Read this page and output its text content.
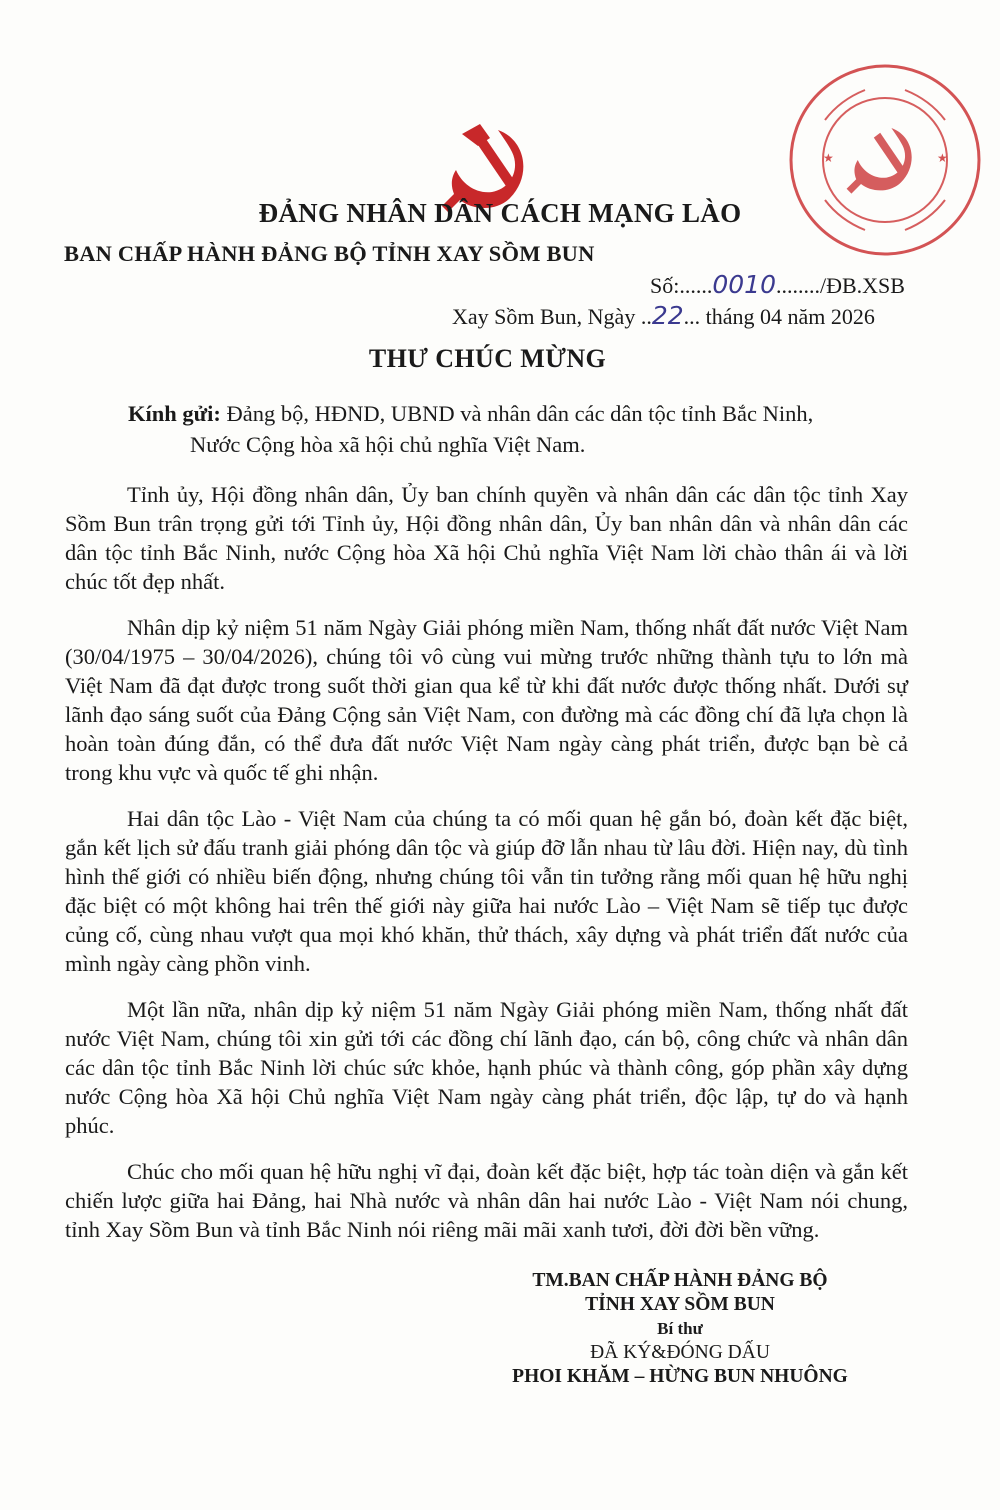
★	★
ĐẢNG NHÂN DÂN CÁCH MẠNG LÀO
BAN CHẤP HÀNH ĐẢNG BỘ TỈNH XAY SỒM BUN
Số:......0010......../ĐB.XSB
Xay Sồm Bun, Ngày ..22... tháng 04 năm 2026
THƯ CHÚC MỪNG
Kính gửi: Đảng bộ, HĐND, UBND và nhân dân các dân tộc tỉnh Bắc Ninh,
Nước Cộng hòa xã hội chủ nghĩa Việt Nam.

Tỉnh ủy, Hội đồng nhân dân, Ủy ban chính quyền và nhân dân các dân tộc tỉnh Xay Sồm Bun trân trọng gửi tới Tỉnh ủy, Hội đồng nhân dân, Ủy ban nhân dân và nhân dân các dân tộc tỉnh Bắc Ninh, nước Cộng hòa Xã hội Chủ nghĩa Việt Nam lời chào thân ái và lời chúc tốt đẹp nhất.

Nhân dịp kỷ niệm 51 năm Ngày Giải phóng miền Nam, thống nhất đất nước Việt Nam (30/04/1975 – 30/04/2026), chúng tôi vô cùng vui mừng trước những thành tựu to lớn mà Việt Nam đã đạt được trong suốt thời gian qua kể từ khi đất nước được thống nhất. Dưới sự lãnh đạo sáng suốt của Đảng Cộng sản Việt Nam, con đường mà các đồng chí đã lựa chọn là hoàn toàn đúng đắn, có thể đưa đất nước Việt Nam ngày càng phát triển, được bạn bè cả trong khu vực và quốc tế ghi nhận.

Hai dân tộc Lào - Việt Nam của chúng ta có mối quan hệ gắn bó, đoàn kết đặc biệt, gắn kết lịch sử đấu tranh giải phóng dân tộc và giúp đỡ lẫn nhau từ lâu đời. Hiện nay, dù tình hình thế giới có nhiều biến động, nhưng chúng tôi vẫn tin tưởng rằng mối quan hệ hữu nghị đặc biệt có một không hai trên thế giới này giữa hai nước Lào – Việt Nam sẽ tiếp tục được củng cố, cùng nhau vượt qua mọi khó khăn, thử thách, xây dựng và phát triển đất nước của mình ngày càng phồn vinh.

Một lần nữa, nhân dịp kỷ niệm 51 năm Ngày Giải phóng miền Nam, thống nhất đất nước Việt Nam, chúng tôi xin gửi tới các đồng chí lãnh đạo, cán bộ, công chức và nhân dân các dân tộc tỉnh Bắc Ninh lời chúc sức khỏe, hạnh phúc và thành công, góp phần xây dựng nước Cộng hòa Xã hội Chủ nghĩa Việt Nam ngày càng phát triển, độc lập, tự do và hạnh phúc.

Chúc cho mối quan hệ hữu nghị vĩ đại, đoàn kết đặc biệt, hợp tác toàn diện và gắn kết chiến lược giữa hai Đảng, hai Nhà nước và nhân dân hai nước Lào - Việt Nam nói chung, tỉnh Xay Sồm Bun và tỉnh Bắc Ninh nói riêng mãi mãi xanh tươi, đời đời bền vững.

TM.BAN CHẤP HÀNH ĐẢNG BỘ
TỈNH XAY SỒM BUN
Bí thư
ĐÃ KÝ&ĐÓNG DẤU
PHOI KHĂM – HỪNG BUN NHUÔNG
